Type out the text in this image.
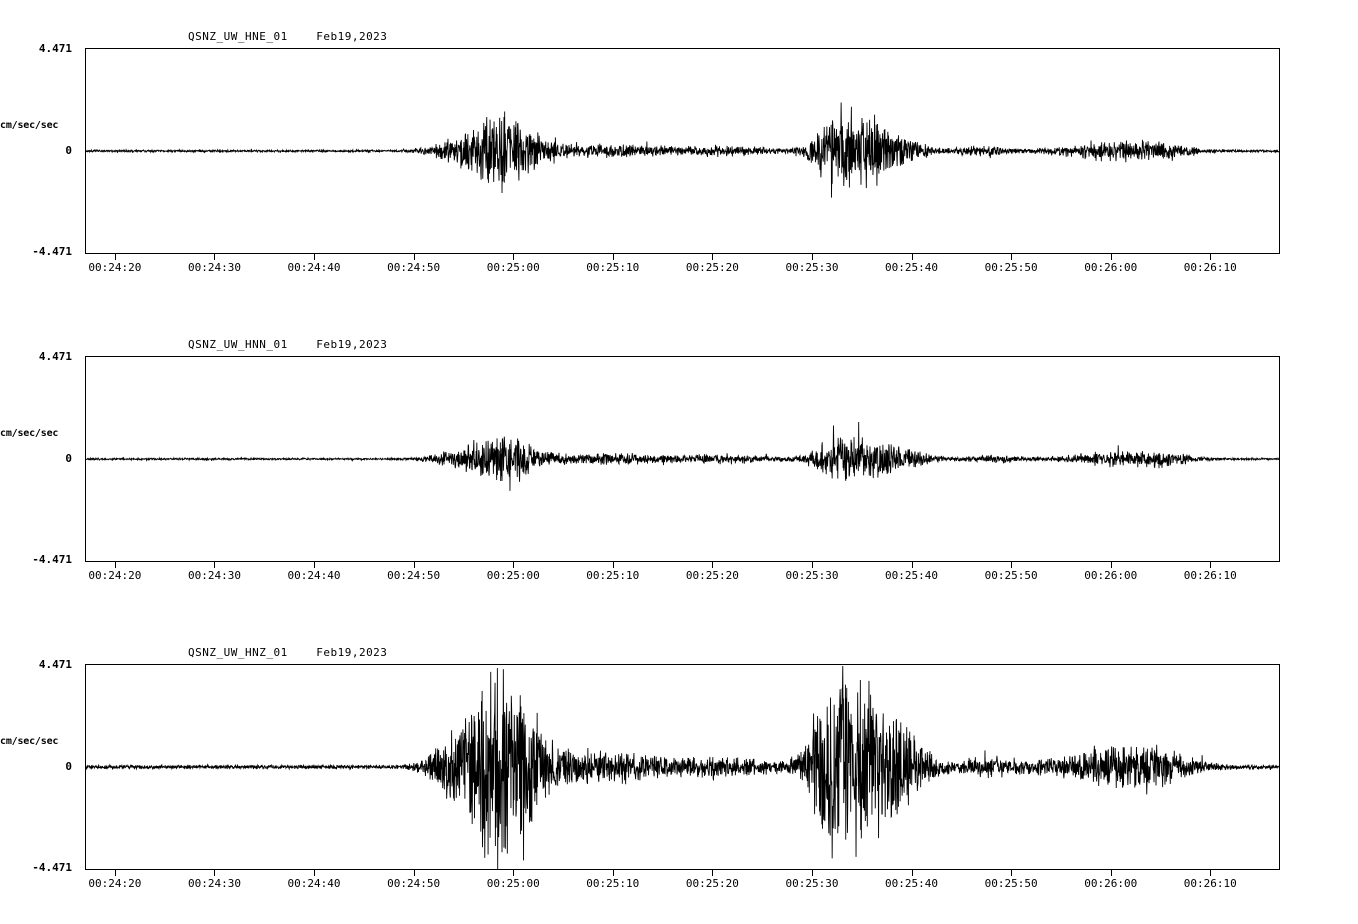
QSNZ_UW_HNE_01    Feb19,2023
4.471
cm/sec/sec
0
-4.471
00:24:20	00:24:30	00:24:40	00:24:50	00:25:00	00:25:10	00:25:20	00:25:30	00:25:40	00:25:50	00:26:00	00:26:10
QSNZ_UW_HNN_01    Feb19,2023
4.471
cm/sec/sec
0
-4.471
00:24:20	00:24:30	00:24:40	00:24:50	00:25:00	00:25:10	00:25:20	00:25:30	00:25:40	00:25:50	00:26:00	00:26:10
QSNZ_UW_HNZ_01    Feb19,2023
4.471
cm/sec/sec
0
-4.471
00:24:20	00:24:30	00:24:40	00:24:50	00:25:00	00:25:10	00:25:20	00:25:30	00:25:40	00:25:50	00:26:00	00:26:10
